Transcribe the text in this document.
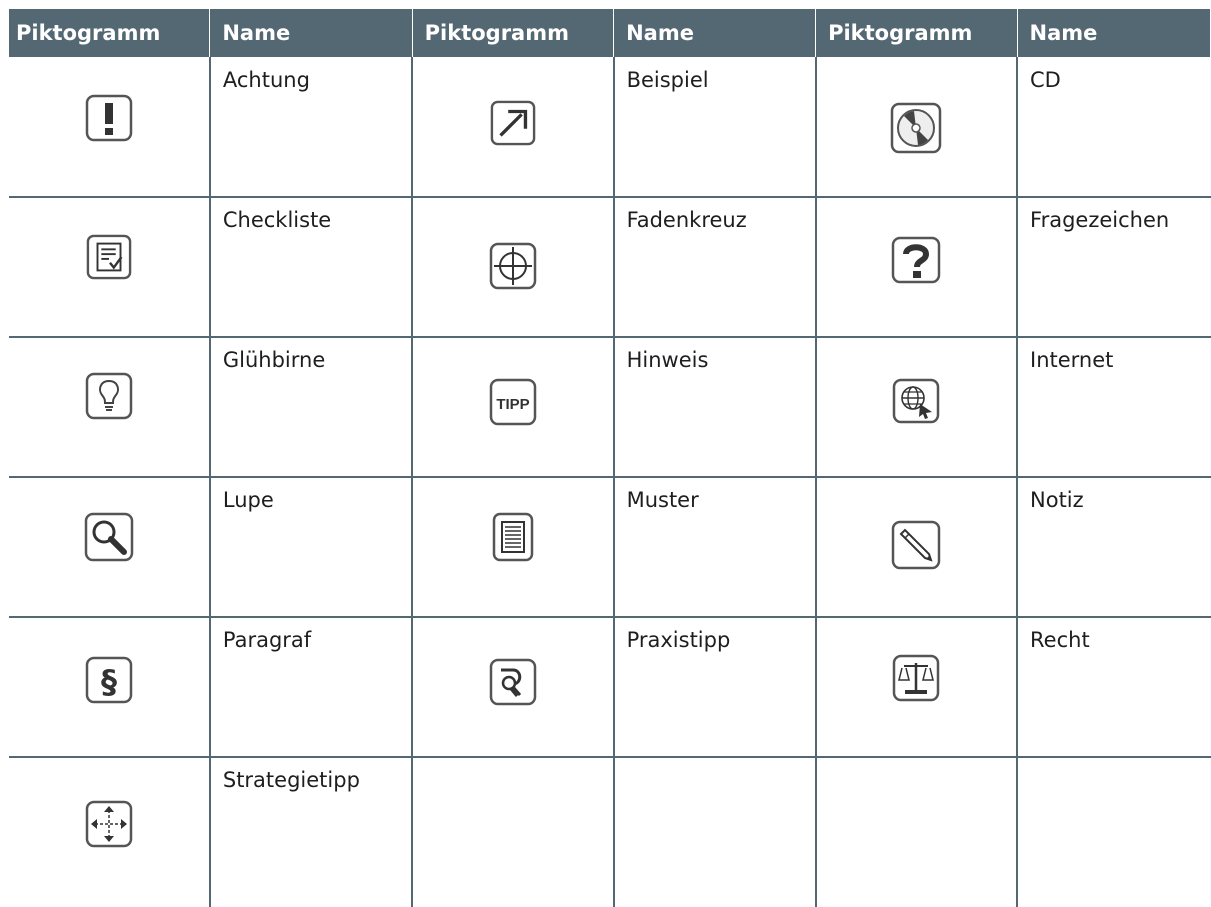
Piktogramm	Name	Piktogramm	Name	Piktogramm	Name

	Achtung		Beispiel		CD

	Checkliste		Fadenkreuz		Fragezeichen

	Glühbirne	TIPP	Hinweis		Internet

	Lupe		Muster		Notiz

§	Paragraf		Praxistipp		Recht

	Strategietipp				
